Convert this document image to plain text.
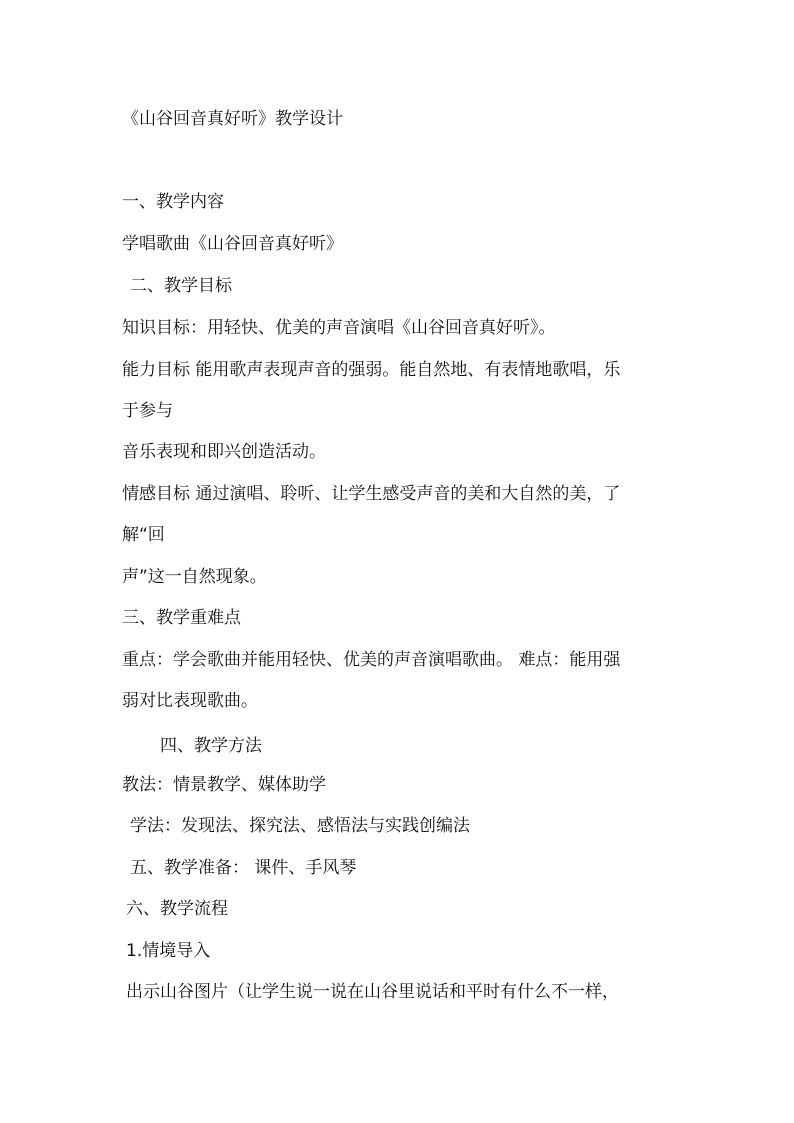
《山谷回音真好听》教学设计
一、教学内容
学唱歌曲《山谷回音真好听》
二、教学目标
知识目标：用轻快、优美的声音演唱《山谷回音真好听》。
能力目标 能用歌声表现声音的强弱。能自然地、有表情地歌唱，乐
于参与
音乐表现和即兴创造活动。
情感目标 通过演唱、聆听、让学生感受声音的美和大自然的美，了
解“回
声”这一自然现象。
三、教学重难点
重点：学会歌曲并能用轻快、优美的声音演唱歌曲。 难点：能用强
弱对比表现歌曲。
四、教学方法
教法：情景教学、媒体助学
学法：发现法、探究法、感悟法与实践创编法
五、教学准备： 课件、手风琴
六、教学流程
1.情境导入
出示山谷图片（让学生说一说在山谷里说话和平时有什么不一样，
